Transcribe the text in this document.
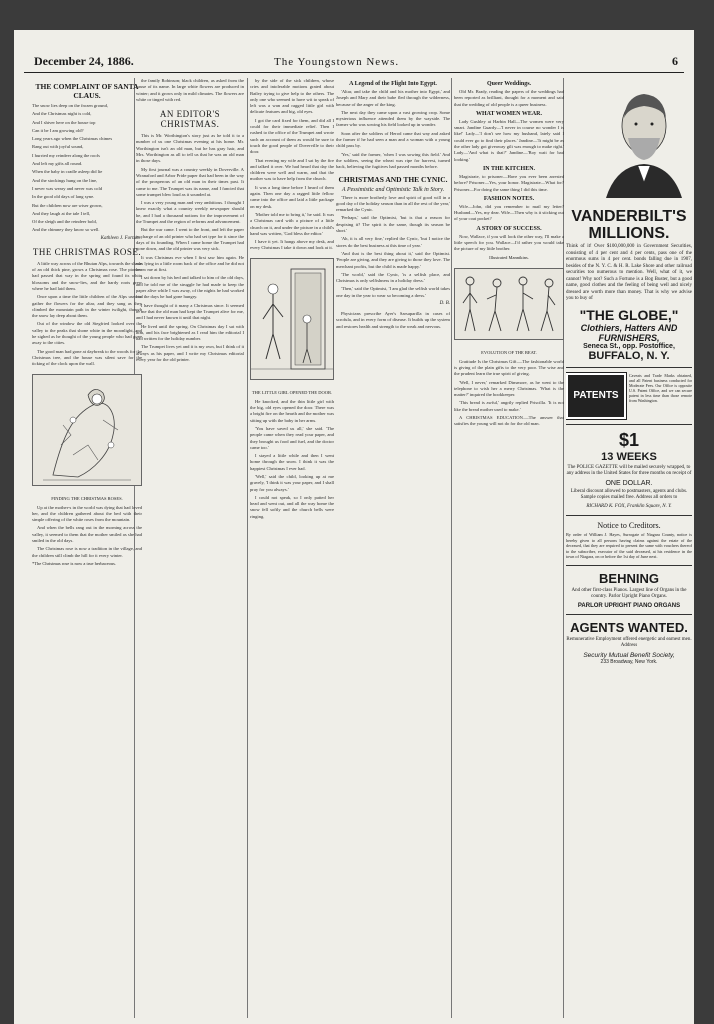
December 24, 1886.	The Youngstown News.	6
THE COMPLAINT OF SANTA CLAUS.

The snow lies deep on the frozen ground,

And the Christmas night is cold,

And I shiver here on the house top

Can it be I am growing old?

Long years ago when the Christmas chimes

Rang out with joyful sound,

I hurried my reindeer along the roofs

And left my gifts all round.

When the baby in cradle asleep did lie

And the stockings hung on the line,

I never was weary and never was cold

In the good old days of lang syne.

But the children now are wiser grown,

And they laugh at the tale I tell,

Of the sleigh and the reindeer bold,

And the chimney they know so well.

Kathleen J. Fortune.
THE CHRISTMAS ROSE.

A little way across of the Bhutan Alps, towards the shade of an old thick pine, grows a Christmas rose. The pioneer had passed that way in the spring and found its white blossoms and the snow-lies, and the hardy roots grew where he had laid them.

Once upon a time the little children of the Alps used to gather the flowers for the altar, and they sang as they climbed the mountain path in the winter twilight, though the snow lay deep about them.

Out of the window the old Siegfried looked over the valley to the peaks that shone white in the moonlight, and he sighed as he thought of the young people who had gone away to the cities.

The good man had gone at daybreak to the woods for the Christmas tree, and the house was silent save for the ticking of the clock upon the wall.

FINDING THE CHRISTMAS ROSES.

Up at the mother-s in the world was dying that had loved her, and the children gathered about the bed with their simple offering of the white roses from the mountain.

And when the bells rang out in the morning across the valley, it seemed to them that the mother smiled as she had smiled in the old days.

The Christmas rose is now a tradition in the village, and the children still climb the hill for it every winter.

*The Christmas rose is now a true herbaceous.

the family Robinson; black children, as asked from the cause of its name. In large white flowers are produced in winter; and it grows only in mild climates. The flowers are white or tinged with red.

AN EDITOR'S CHRISTMAS.

This is Mr. Worthington's story just as he told it to a number of us one Christmas evening at his home. Mr. Worthington isn't an old man, but he has gray hair, and Mrs. Worthington as all to tell us that he was an old man in those days.

My first journal was a country weekly in Doverville. A Wranaford and Arbor Pride paper that had been in the way of the prosperous of an old man in their times past. It came to me. The Trumpet was its name, and I fancied that some trumpet blew loud as it sounded at.

I was a very young man and very ambitious. I thought I knew exactly what a country weekly newspaper should be, and I had a thousand notions for the improvement of the Trumpet and the region of reforms and advancement.

But the war came. I went to the front, and left the paper in charge of an old printer who had set type for it since the days of its founding. When I came home the Trumpet had gone down, and the old printer was very sick.

It was Christmas eve when I first saw him again. He was lying in a little room back of the office and he did not know me at first.

I sat down by his bed and talked to him of the old days, and he told me of the struggle he had made to keep the paper alive while I was away, of the nights he had worked and the days he had gone hungry.

I have thought of it many a Christmas since. It seemed to me that the old man had kept the Trumpet alive for me, and I had never known it until that night.

He lived until the spring. On Christmas day I sat with him, and his face brightened as I read him the editorial I had written for the holiday number.

The Trumpet lives yet and it is my own, but I think of it always as his paper, and I write my Christmas editorial every year for the old printer.

by the side of the sick children, whose cries and intolerable motions grated about Bailey trying to give help to the others. The only one who seemed to have wit to speak of left was a wan and ragged little girl with delicate features and big, old eyes.

I got the card fixed for them, and did all I could for their immediate relief. Then I rushed to the office of the Trumpet and wrote such an account of them as would be sure to touch the good people of Doverville to their door.

That evening my wife and I sat by the fire and talked it over. We had heard that day the children were well and warm, and that the mother was to have help from the church.

It was a long time before I heard of them again. Then one day a ragged little fellow came into the office and laid a little package on my desk.

'Mother told me to bring it,' he said. It was a Christmas card with a picture of a little church on it, and under the picture in a child's hand was written, 'God bless the editor.'

I have it yet. It hangs above my desk, and every Christmas I take it down and look at it.

THE LITTLE GIRL OPENED THE DOOR.

He knocked, and the thin little girl with the big, old eyes opened the door. There was a bright fire on the hearth and the mother was sitting up with the baby in her arms.

'You have saved us all,' she said. 'The people came when they read your paper, and they brought us food and fuel, and the doctor came too.'

I stayed a little while and then I went home through the snow. I think it was the happiest Christmas I ever had.

'Well,' said the child, looking up at me gravely, 'I think it was your paper, and I shall pray for you always.'

I could not speak, so I only patted her head and went out, and all the way home the snow fell softly and the church bells were ringing.

A Legend of the Flight Into Egypt.

'Altar, and take the child and his mother into Egypt,' and Joseph and Mary and their babe fled through the wilderness, because of the anger of the king.

The next day they came upon a vast growing crop. Some mysterious influence attended them by the wayside. The farmer who was sowing his field looked up in wonder.

Soon after the soldiers of Herod came that way and asked the farmer if he had seen a man and a woman with a young child pass by.

'Yes,' said the farmer, 'when I was sowing this field.' And the soldiers, seeing the wheat was ripe for harvest, turned back, believing the fugitives had passed months before.

CHRISTMAS AND THE CYNIC.
A Pessimistic and Optimistic Talk in Story.

'There is more brotherly love and spirit of good will in a good day of the holiday season than in all the rest of the year,' remarked the Cynic.

'Perhaps,' said the Optimist, 'but is that a reason for despising it? The spirit is the same, though its season be short.'

'Ah, it is all very fine,' replied the Cynic, 'but I notice the stores do the best business at this time of year.'

'And that is the best thing about it,' said the Optimist. 'People are giving, and they are giving to those they love. The merchant profits, but the child is made happy.'

'The world,' said the Cynic, 'is a selfish place, and Christmas is only selfishness in a holiday dress.'

'Then,' said the Optimist, 'I am glad the selfish world takes one day in the year to wear so becoming a dress.'

D. B.

Physicians prescribe Ayer's Sarsaparilla in cases of scrofula, and in every form of disease. It builds up the system and restores health and strength to the weak and nervous.

Queer Weddings.

Old Mr. Brady, reading the papers of the weddings had been reported as brilliant, thought for a moment and said that the wedding of old people is a queer business.

WHAT WOMEN WEAR.

Lady Gushley at Harbin Hall—The women were very smart. Jandine Guardy—'I never in course no wonder I is like!' Lady—'I don't see how my husband, lately said I could ever go to find their places.' Jandine—'It might be as the other lady got giveaway gilt was enough to make right.' Lady—'And what is that?' Jandine—'Boy wait for bad looking.'

IN THE KITCHEN.

Magistrate, to prisoner—Have you ever been arrested before? Prisoner—Yes, your honor. Magistrate—What for? Prisoner—For doing the same thing I did this time.

FASHION NOTES.

Wife—John, did you remember to mail my letter? Husband—Yes, my dear. Wife—Then why is it sticking out of your coat pocket?

A STORY OF SUCCESS.

Now, Wallace, if you will look the other way, I'll make a little speech for you. Wallace—I'd rather you would take the picture of my little brother.

Illustrated Mannikins.
EVOLUTION OF THE BEAT.

Gratitude Is the Christmas Gift.—The fashionable world is giving of the plain gifts to the very poor. The wise and the prudent learn the true spirit of giving.

'Well, I never,' remarked Dinsmore, as he went to the telephone to wish her a merry Christmas. 'What is the matter?' inquired the bookkeeper.

'This bread is awful,' angrily replied Priscilla. 'It is not like the bread mother used to make.'

A CHRISTMAS EDUCATION.—The answer that satisfies the young will not do for the old man.

VANDERBILT'S MILLIONS.
Think of it! Over $100,000,000 in Government Securities, consisting of 4 per cent and 4 per cents, pass one of the enormous sums in 4 per cent. bonds falling due in 1907, besides of the N. Y. C. & H. R. Lake Shore and other railroad securities too numerous to mention. Well, what of it, we cannot! Why not? Such a Fortune is a Bog Buster, but a good name, good clothes and the feeling of being well and nicely dressed are worth more than money. That is why we advise you to buy of
"THE GLOBE,"
Clothiers, Hatters AND FURNISHERS,
Seneca St., opp. Postoffice,
BUFFALO, N. Y.
PATENTS
Caveats and Trade Marks obtained, and all Patent business conducted for Moderate Fees. Our Office is opposite U.S. Patent Office, and we can secure patent in less time than those remote from Washington.
$1
13 WEEKS
The POLICE GAZETTE will be mailed securely wrapped, to any address in the United States for three months on receipt of
ONE DOLLAR.
Liberal discount allowed to postmasters, agents and clubs. Sample copies mailed free. Address all orders to
RICHARD K. FOX, Franklin Square, N. Y.
Notice to Creditors.
By order of William J. Hayes, Surrogate of Niagara County, notice is hereby given to all persons having claims against the estate of the deceased, that they are required to present the same with vouchers thereof to the subscriber, executor of the said deceased, at his residence in the town of Niagara, on or before the 1st day of June next.
BEHNING
And other first-class Pianos. Largest line of Organs in the country. Parlor Upright Piano Organs.
PARLOR UPRIGHT PIANO ORGANS
AGENTS WANTED.
Remunerative Employment offered energetic and earnest men. Address
Security Mutual Benefit Society,
233 Broadway, New York.
